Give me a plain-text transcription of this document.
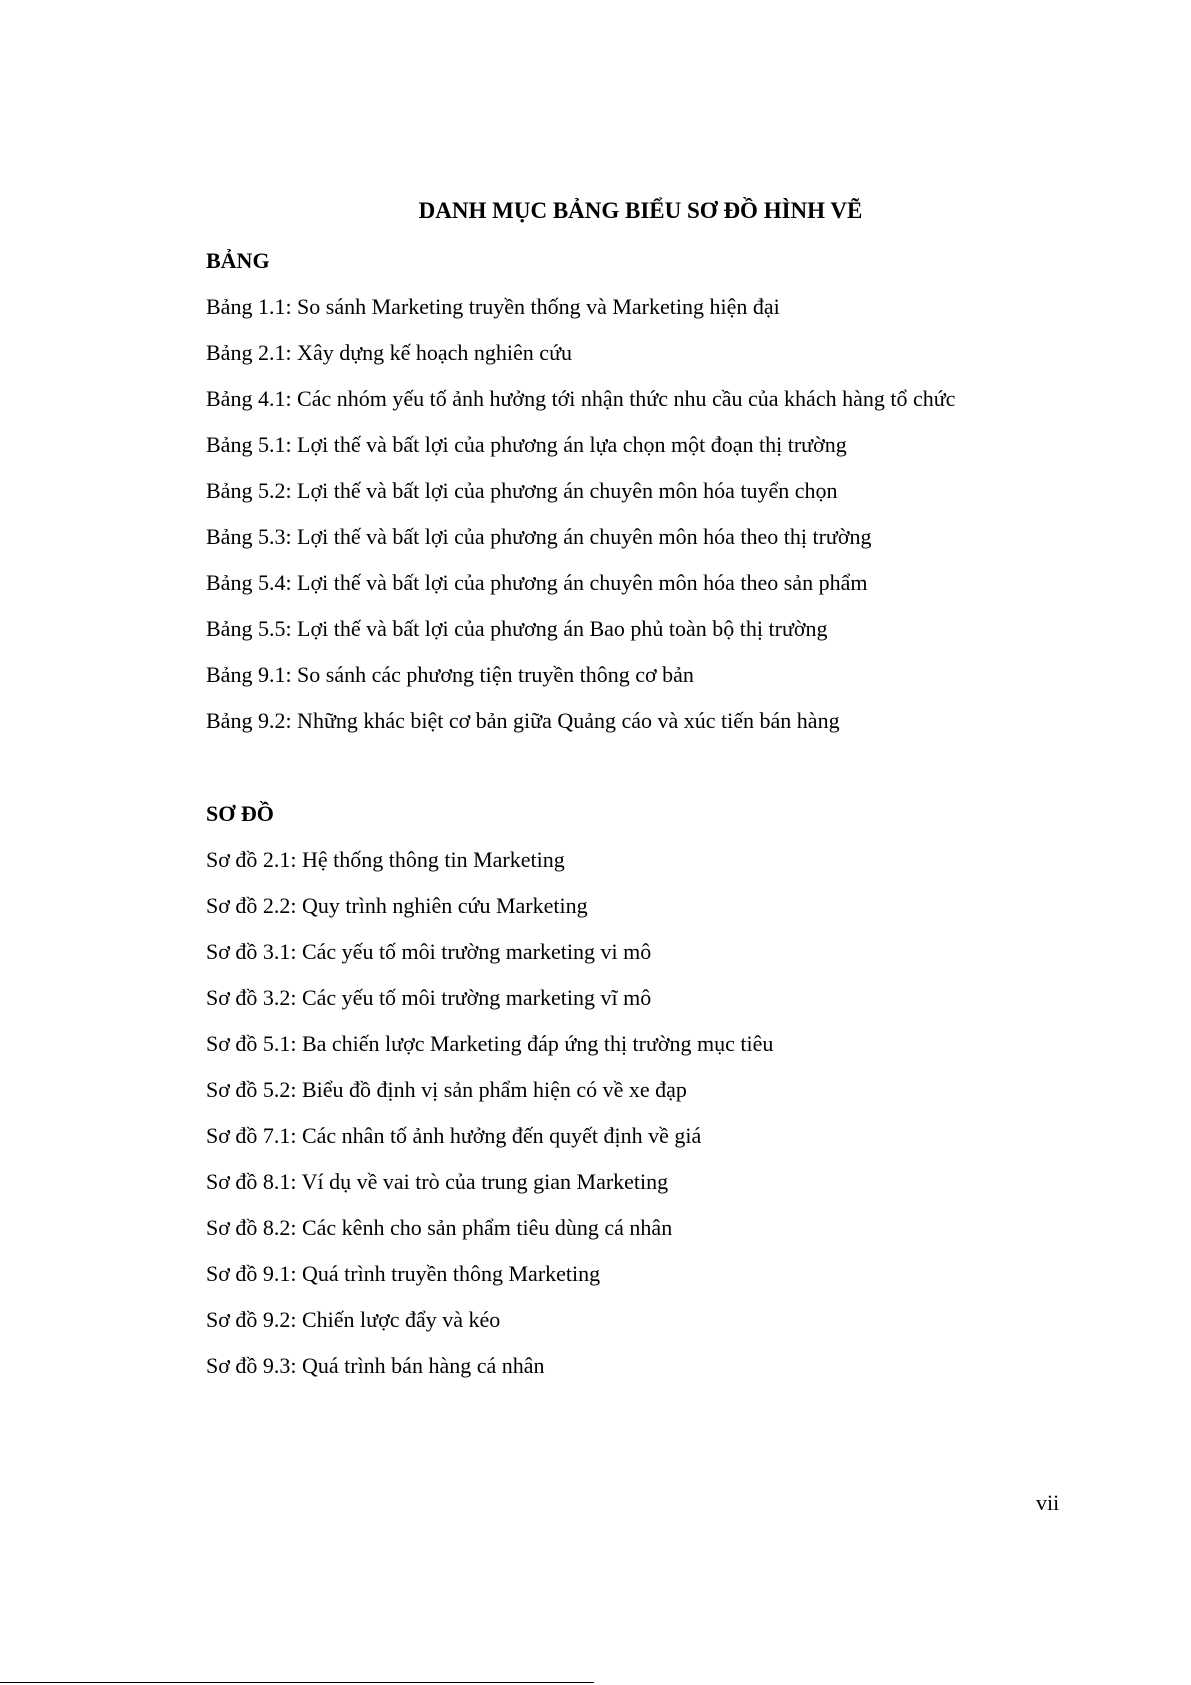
DANH MỤC BẢNG BIỂU SƠ ĐỒ HÌNH VẼ
BẢNG
Bảng 1.1: So sánh Marketing truyền thống và Marketing hiện đại
Bảng 2.1: Xây dựng kế hoạch nghiên cứu
Bảng 4.1: Các nhóm yếu tố ảnh hưởng tới nhận thức nhu cầu của khách hàng tổ chức
Bảng 5.1: Lợi thế và bất lợi của phương án lựa chọn một đoạn thị trường
Bảng 5.2: Lợi thế và bất lợi của phương án chuyên môn hóa tuyển chọn
Bảng 5.3: Lợi thế và bất lợi của phương án chuyên môn hóa theo thị trường
Bảng 5.4: Lợi thế và bất lợi của phương án chuyên môn hóa theo sản phẩm
Bảng 5.5: Lợi thế và bất lợi của phương án Bao phủ toàn bộ thị trường
Bảng 9.1: So sánh các phương tiện truyền thông cơ bản
Bảng 9.2: Những khác biệt cơ bản giữa Quảng cáo và xúc tiến bán hàng
SƠ ĐỒ
Sơ đồ 2.1: Hệ thống thông tin Marketing
Sơ đồ 2.2: Quy trình nghiên cứu Marketing
Sơ đồ 3.1: Các yếu tố môi trường marketing vi mô
Sơ đồ 3.2: Các yếu tố môi trường marketing vĩ mô
Sơ đồ 5.1: Ba chiến lược Marketing đáp ứng thị trường mục tiêu
Sơ đồ 5.2: Biểu đồ định vị sản phẩm hiện có về xe đạp
Sơ đồ 7.1: Các nhân tố ảnh hưởng đến quyết định về giá
Sơ đồ 8.1: Ví dụ về vai trò của trung gian Marketing
Sơ đồ 8.2: Các kênh cho sản phẩm tiêu dùng cá nhân
Sơ đồ 9.1: Quá trình truyền thông Marketing
Sơ đồ 9.2: Chiến lược đẩy và kéo
Sơ đồ 9.3: Quá trình bán hàng cá nhân
vii
